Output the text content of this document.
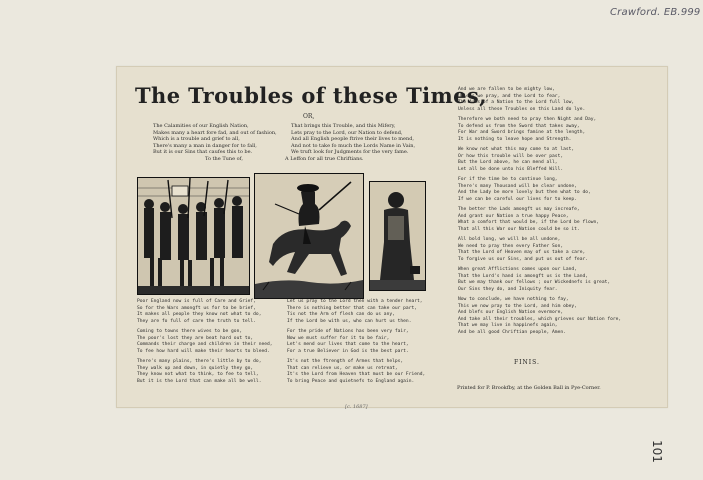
Crawford. EB.999
101
The Troubles of these Times,
OR,
The Calamities of our English Nation,
Makes many a heart fore fad, and out of fashion,
Which is a trouble and grief to all,
There's many a man in danger for to fall,
But it is our Sins that caufes this to be.
That brings this Trouble, and this Mifery,
Lets pray to the Lord, our Nation to defend,
And all English people ftrive their lives to mend,
And not to take fo much the Lords Name in Vain,
We truft look for Judgments for the very fame.
To the Tune of,	A Leffon for all true Chriftians.
Poor England now is full of Care and Grief,
So for the Wars amongft us for to be brief,
It makes all people they know not what to do,
They are fo full of care the truth to tell.
Coming to towns there wives to be gon,
The poor's lost they are beat hard out to,
Commands their charge and children in their need,
To fee how hard will make their hearts to bleed.
There's many plains, there's little by to do,
They walk up and down, in quietly they go,
They know not what to think, to fee to tell,
But it is the Lord that can make all be well.
Let us pray to the Lord then with a tender heart,
There is nothing better that can take our part,
Tis not the Arm of flesh can do us any,
If the Lord be with us, who can hurt us then.
For the pride of Nations has been very fair,
Now we must suffer for it to be fair,
Let's mend our lives that come to the heart,
For a true Believer in God is the best part.
It's not the ftrength of Armes that helps,
That can relieve us, or make us retreat,
It's the Lord from Heaven that must be our Friend,
To bring Peace and quietnefs to England again.
And we are fallen to be mighty low,
Unless we pray, and the Lord to fear,
The Arms of a Nation to the Lord full low,
Unless all these Troubles on this Land do lye.
Therefore we both need to pray then Night and Day,
To defend us from the Sword that takes away,
For War and Sword brings famine at the length,
It is nothing to leave hope and Strength.
We know not what this may come to at last,
Or how this trouble will be over past,
But the Lord above, he can mend all,
Let all be done unto his Bleffed Will.
For if the time be to continue long,
There's many Thousand will be clear undone,
And the Lady be more lovely but then what to do,
If we can be careful our lives for to keep.
The better the Lads amongft us may increafe,
And grant our Nation a true happy Peace,
What a comfort that would be, if the Lord be flown,
That all this War our Nation could be so it.
All bold long, we will be all undone,
We need to pray then every Father Son,
That the Lord of Heaven may of us take a care,
To forgive us our Sins, and put us out of fear.
When great Afflictions comes upon our Land,
That the Lord's hand is amongft us is the Land,
But we may thank our fellows ; our Wickednefs is great,
Our Sins they do, and Iniquity fear.
Now to conclude, we have nothing to fay,
This we now pray to the Lord, and him obey,
And blefs our English Nation evermore,
And take all their troubles, which grieves our Nation fore,
That we may live in happinefs again,
And be all good Chriftian people, Amen.
FINIS.
Printed for P. Brookfby, at the Golden Ball in Pye-Corner.
[c. 1687]
